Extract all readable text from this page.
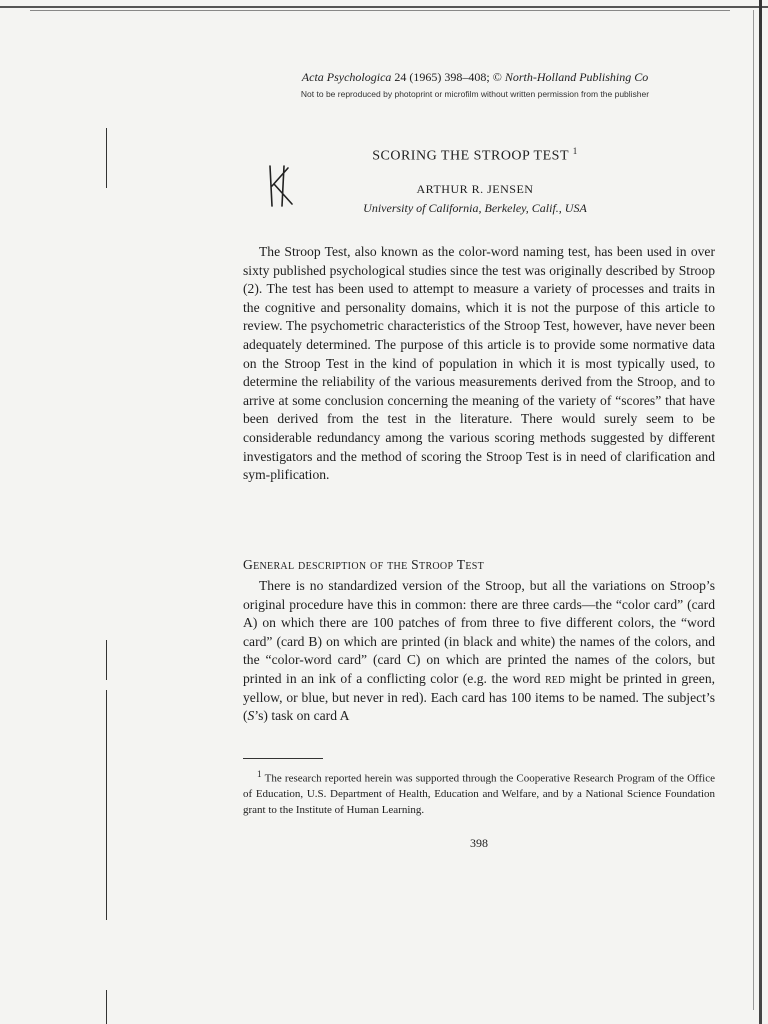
Acta Psychologica 24 (1965) 398–408; © North-Holland Publishing Co
Not to be reproduced by photoprint or microfilm without written permission from the publisher
SCORING THE STROOP TEST $^1$
ARTHUR R. JENSEN
University of California, Berkeley, Calif., USA
The Stroop Test, also known as the color-word naming test, has been used in over sixty published psychological studies since the test was originally described by Stroop (2). The test has been used to attempt to measure a variety of processes and traits in the cognitive and personality domains, which it is not the purpose of this article to review. The psychometric characteristics of the Stroop Test, however, have never been adequately determined. The purpose of this article is to provide some normative data on the Stroop Test in the kind of population in which it is most typically used, to determine the reliability of the various measurements derived from the Stroop, and to arrive at some conclusion concerning the meaning of the variety of “scores” that have been derived from the test in the literature. There would surely seem to be considerable redundancy among the various scoring methods suggested by different investigators and the method of scoring the Stroop Test is in need of clarification and sym-plification.
General description of the Stroop Test
There is no standardized version of the Stroop, but all the variations on Stroop’s original procedure have this in common: there are three cards—the “color card” (card A) on which there are 100 patches of from three to five different colors, the “word card” (card B) on which are printed (in black and white) the names of the colors, and the “color-word card” (card C) on which are printed the names of the colors, but printed in an ink of a conflicting color (e.g. the word red might be printed in green, yellow, or blue, but never in red). Each card has 100 items to be named. The subject’s (S’s) task on card A
$^1$ The research reported herein was supported through the Cooperative Research Program of the Office of Education, U.S. Department of Health, Education and Welfare, and by a National Science Foundation grant to the Institute of Human Learning.
398
